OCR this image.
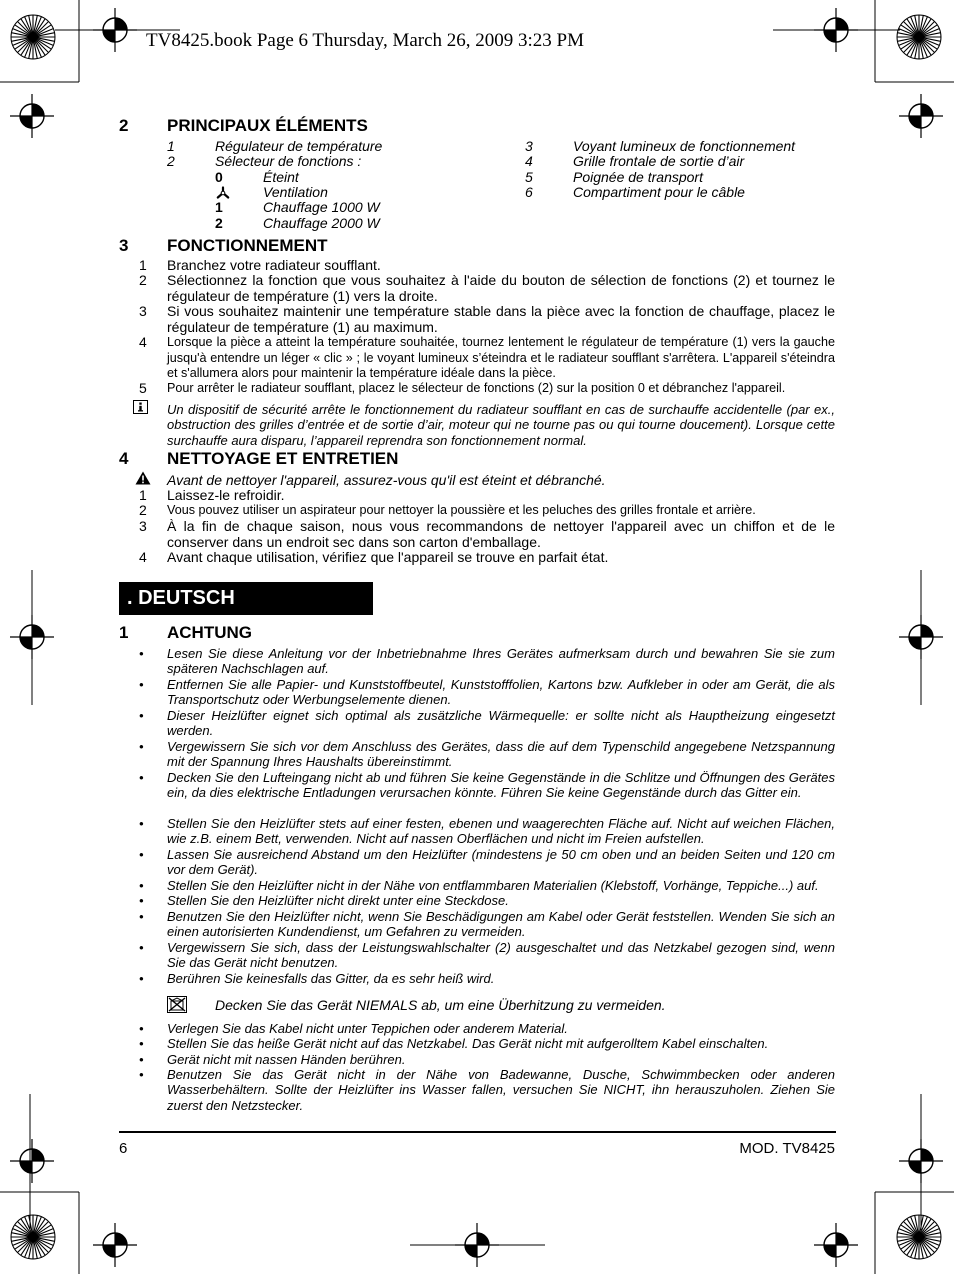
TV8425.book Page 6 Thursday, March 26, 2009 3:23 PM
2 PRINCIPAUX ÉLÉMENTS
1	Régulateur de température
2	Sélecteur de fonctions :
0	Éteint
Ventilation
1	Chauffage 1000 W
2	Chauffage 2000 W
3	Voyant lumineux de fonctionnement
4	Grille frontale de sortie d’air
5	Poignée de transport
6	Compartiment pour le câble
3 FONCTIONNEMENT
1 Branchez votre radiateur soufflant.
2 Sélectionnez la fonction que vous souhaitez à l'aide du bouton de sélection de fonctions (2) et tournez le régulateur de température (1) vers la droite.
3 Si vous souhaitez maintenir une température stable dans la pièce avec la fonction de chauffage, placez le régulateur de température (1) au maximum.
4 Lorsque la pièce a atteint la température souhaitée, tournez lentement le régulateur de température (1) vers la gauche jusqu'à entendre un léger « clic » ; le voyant lumineux s’éteindra et le radiateur soufflant s'arrêtera. L'appareil s'éteindra et s'allumera alors pour maintenir la température idéale dans la pièce.
5 Pour arrêter le radiateur soufflant, placez le sélecteur de fonctions (2) sur la position 0 et débranchez l'appareil.
Un dispositif de sécurité arrête le fonctionnement du radiateur soufflant en cas de surchauffe accidentelle (par ex., obstruction des grilles d’entrée et de sortie d’air, moteur qui ne tourne pas ou qui tourne doucement). Lorsque cette surchauffe aura disparu, l’appareil reprendra son fonctionnement normal.
4 NETTOYAGE ET ENTRETIEN
Avant de nettoyer l'appareil, assurez-vous qu'il est éteint et débranché.
1 Laissez-le refroidir.
2 Vous pouvez utiliser un aspirateur pour nettoyer la poussière et les peluches des grilles frontale et arrière.
3 À la fin de chaque saison, nous vous recommandons de nettoyer l'appareil avec un chiffon et de le conserver dans un endroit sec dans son carton d'emballage.
4 Avant chaque utilisation, vérifiez que l'appareil se trouve en parfait état.
. DEUTSCH
1 ACHTUNG
• Lesen Sie diese Anleitung vor der Inbetriebnahme Ihres Gerätes aufmerksam durch und bewahren Sie sie zum späteren Nachschlagen auf.
• Entfernen Sie alle Papier- und Kunststoffbeutel, Kunststofffolien, Kartons bzw. Aufkleber in oder am Gerät, die als Transportschutz oder Werbungselemente dienen.
• Dieser Heizlüfter eignet sich optimal als zusätzliche Wärmequelle: er sollte nicht als Hauptheizung eingesetzt werden.
• Vergewissern Sie sich vor dem Anschluss des Gerätes, dass die auf dem Typenschild angegebene Netzspannung mit der Spannung Ihres Haushalts übereinstimmt.
• Decken Sie den Lufteingang nicht ab und führen Sie keine Gegenstände in die Schlitze und Öffnungen des Gerätes ein, da dies elektrische Entladungen verursachen könnte. Führen Sie keine Gegenstände durch das Gitter ein.
• Stellen Sie den Heizlüfter stets auf einer festen, ebenen und waagerechten Fläche auf. Nicht auf weichen Flächen, wie z.B. einem Bett, verwenden. Nicht auf nassen Oberflächen und nicht im Freien aufstellen.
• Lassen Sie ausreichend Abstand um den Heizlüfter (mindestens je 50 cm oben und an beiden Seiten und 120 cm vor dem Gerät).
• Stellen Sie den Heizlüfter nicht in der Nähe von entflammbaren Materialien (Klebstoff, Vorhänge, Teppiche...) auf.
• Stellen Sie den Heizlüfter nicht direkt unter eine Steckdose.
• Benutzen Sie den Heizlüfter nicht, wenn Sie Beschädigungen am Kabel oder Gerät feststellen. Wenden Sie sich an einen autorisierten Kundendienst, um Gefahren zu vermeiden.
• Vergewissern Sie sich, dass der Leistungswahlschalter (2) ausgeschaltet und das Netzkabel gezogen sind, wenn Sie das Gerät nicht benutzen.
• Berühren Sie keinesfalls das Gitter, da es sehr heiß wird.
Decken Sie das Gerät NIEMALS ab, um eine Überhitzung zu vermeiden.
• Verlegen Sie das Kabel nicht unter Teppichen oder anderem Material.
• Stellen Sie das heiße Gerät nicht auf das Netzkabel. Das Gerät nicht mit aufgerolltem Kabel einschalten.
• Gerät nicht mit nassen Händen berühren.
• Benutzen Sie das Gerät nicht in der Nähe von Badewanne, Dusche, Schwimmbecken oder anderen Wasserbehältern. Sollte der Heizlüfter ins Wasser fallen, versuchen Sie NICHT, ihn herauszuholen. Ziehen Sie zuerst den Netzstecker.
6	MOD. TV8425
